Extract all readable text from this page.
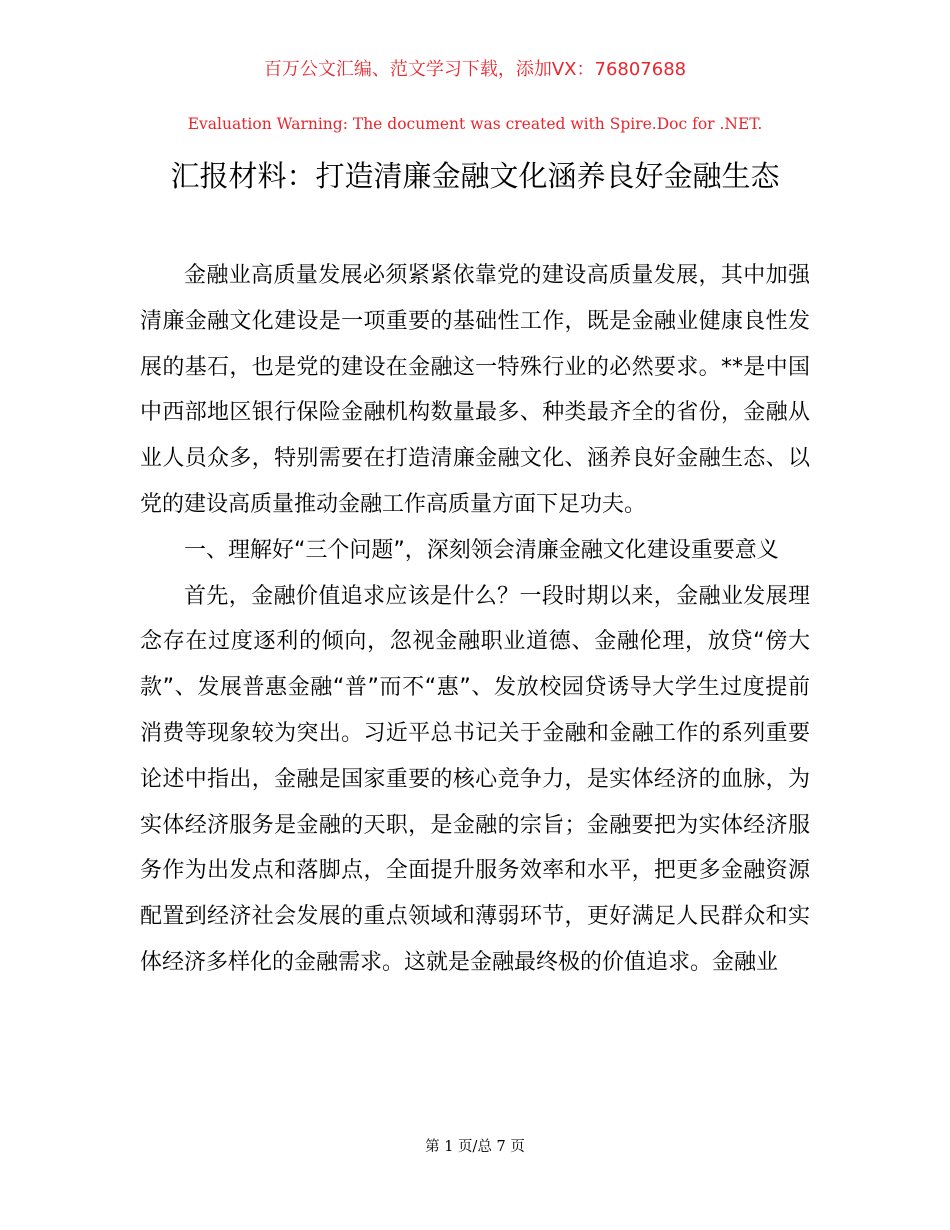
百万公文汇编、范文学习下载，添加VX：76807688
Evaluation Warning: The document was created with Spire.Doc for .NET.
汇报材料：打造清廉金融文化涵养良好金融生态

金融业高质量发展必须紧紧依靠党的建设高质量发展，其中加强清廉金融文化建设是一项重要的基础性工作，既是金融业健康良性发展的基石，也是党的建设在金融这一特殊行业的必然要求。**是中国中西部地区银行保险金融机构数量最多、种类最齐全的省份，金融从业人员众多，特别需要在打造清廉金融文化、涵养良好金融生态、以党的建设高质量推动金融工作高质量方面下足功夫。

一、理解好“三个问题”，深刻领会清廉金融文化建设重要意义

首先，金融价值追求应该是什么？一段时期以来，金融业发展理念存在过度逐利的倾向，忽视金融职业道德、金融伦理，放贷“傍大款”、发展普惠金融“普”而不“惠”、发放校园贷诱导大学生过度提前消费等现象较为突出。习近平总书记关于金融和金融工作的系列重要论述中指出，金融是国家重要的核心竞争力，是实体经济的血脉，为实体经济服务是金融的天职，是金融的宗旨；金融要把为实体经济服务作为出发点和落脚点，全面提升服务效率和水平，把更多金融资源配置到经济社会发展的重点领域和薄弱环节，更好满足人民群众和实体经济多样化的金融需求。这就是金融最终极的价值追求。金融业

第 1 页/总 7 页
